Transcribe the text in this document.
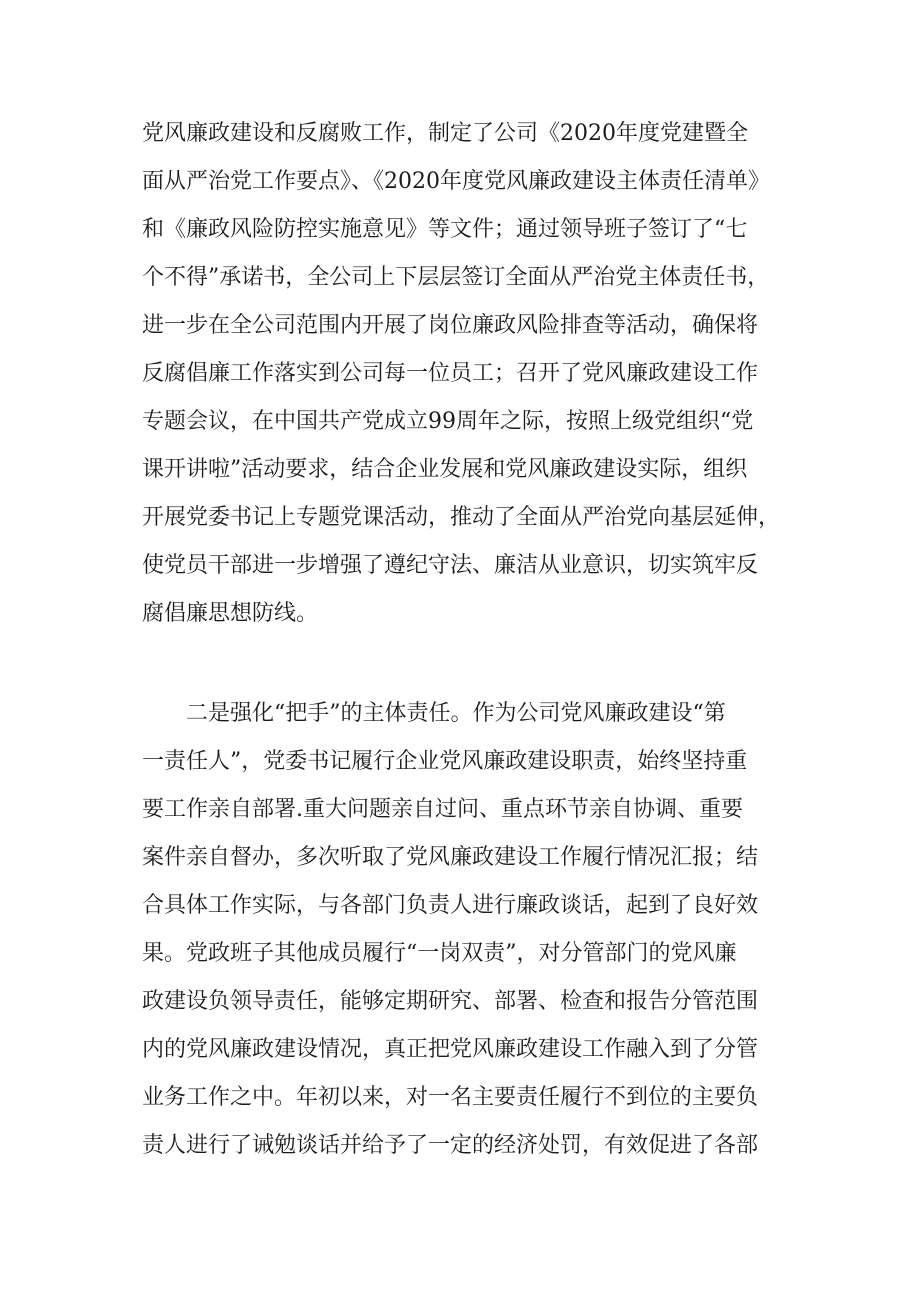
党风廉政建设和反腐败工作，制定了公司《2020年度党建暨全
面从严治党工作要点》、《2020年度党风廉政建设主体责任清单》
和《廉政风险防控实施意见》等文件；通过领导班子签订了“七
个不得”承诺书，全公司上下层层签订全面从严治党主体责任书，
进一步在全公司范围内开展了岗位廉政风险排查等活动，确保将
反腐倡廉工作落实到公司每一位员工；召开了党风廉政建设工作
专题会议，在中国共产党成立99周年之际，按照上级党组织“党
课开讲啦”活动要求，结合企业发展和党风廉政建设实际，组织
开展党委书记上专题党课活动，推动了全面从严治党向基层延伸，
使党员干部进一步增强了遵纪守法、廉洁从业意识，切实筑牢反
腐倡廉思想防线。
二是强化“把手”的主体责任。作为公司党风廉政建设“第
一责任人”，党委书记履行企业党风廉政建设职责，始终坚持重
要工作亲自部署.重大问题亲自过问、重点环节亲自协调、重要
案件亲自督办，多次听取了党风廉政建设工作履行情况汇报；结
合具体工作实际，与各部门负责人进行廉政谈话，起到了良好效
果。党政班子其他成员履行“一岗双责”，对分管部门的党风廉
政建设负领导责任，能够定期研究、部署、检查和报告分管范围
内的党风廉政建设情况，真正把党风廉政建设工作融入到了分管
业务工作之中。年初以来，对一名主要责任履行不到位的主要负
责人进行了诫勉谈话并给予了一定的经济处罚，有效促进了各部
